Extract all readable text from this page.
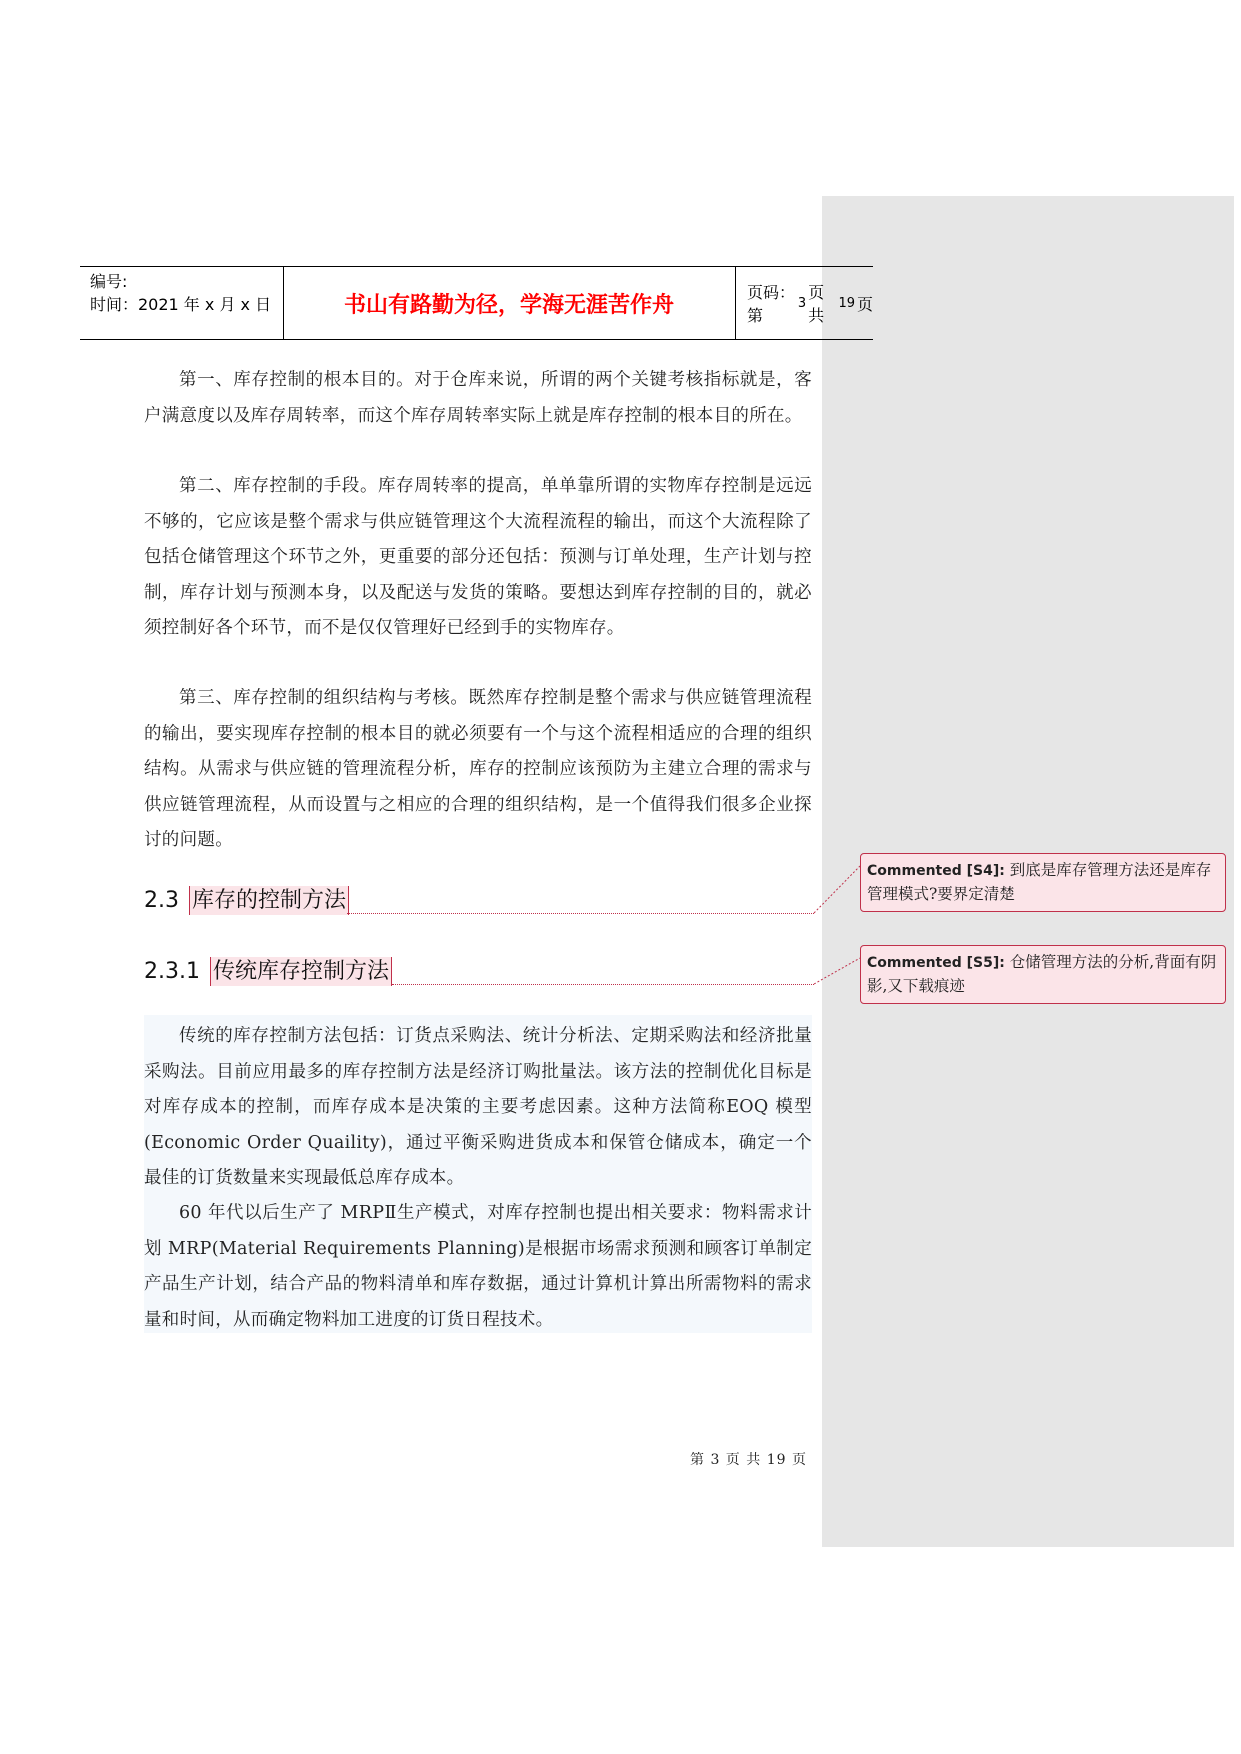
编号:
时间：2021 年 x 月 x 日	书山有路勤为径，学海无涯苦作舟	页码：第
3
页 共
19 页

第一、库存控制的根本目的。对于仓库来说，所谓的两个关键考核指标就是，客户满意度以及库存周转率，而这个库存周转率实际上就是库存控制的根本目的所在。

第二、库存控制的手段。库存周转率的提高，单单靠所谓的实物库存控制是远远不够的，它应该是整个需求与供应链管理这个大流程流程的输出，而这个大流程除了包括仓储管理这个环节之外，更重要的部分还包括：预测与订单处理，生产计划与控制，库存计划与预测本身，以及配送与发货的策略。要想达到库存控制的目的，就必须控制好各个环节，而不是仅仅管理好已经到手的实物库存。

第三、库存控制的组织结构与考核。既然库存控制是整个需求与供应链管理流程的输出，要实现库存控制的根本目的就必须要有一个与这个流程相适应的合理的组织结构。从需求与供应链的管理流程分析，库存的控制应该预防为主建立合理的需求与供应链管理流程，从而设置与之相应的合理的组织结构，是一个值得我们很多企业探讨的问题。

2.3 库存的控制方法
2.3.1 传统库存控制方法

传统的库存控制方法包括：订货点采购法、统计分析法、定期采购法和经济批量采购法。目前应用最多的库存控制方法是经济订购批量法。该方法的控制优化目标是对库存成本的控制，而库存成本是决策的主要考虑因素。这种方法简称EOQ 模型(Economic Order Quaility)，通过平衡采购进货成本和保管仓储成本，确定一个最佳的订货数量来实现最低总库存成本。

60 年代以后生产了 MRPⅡ生产模式，对库存控制也提出相关要求：物料需求计划 MRP(Material Requirements Planning)是根据市场需求预测和顾客订单制定产品生产计划，结合产品的物料清单和库存数据，通过计算机计算出所需物料的需求量和时间，从而确定物料加工进度的订货日程技术。

Commented [S4]: 到底是库存管理方法还是库存管理模式?要界定清楚
Commented [S5]: 仓储管理方法的分析,背面有阴影,又下载痕迹
第 3 页 共 19 页
